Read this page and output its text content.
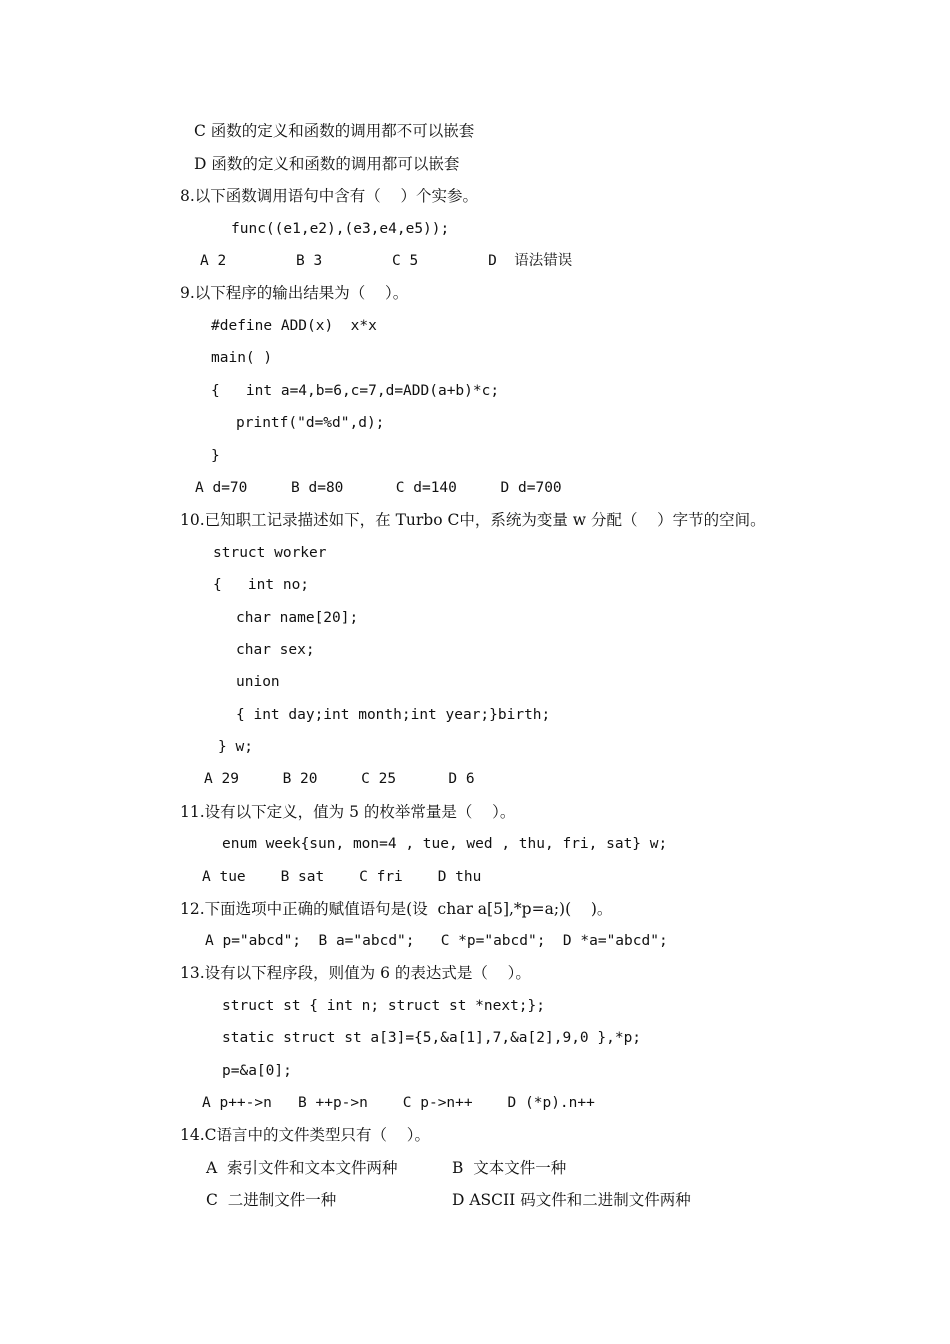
C 函数的定义和函数的调用都不可以嵌套
D 函数的定义和函数的调用都可以嵌套
8.以下函数调用语句中含有（    ）个实参。
func((e1,e2),(e3,e4,e5));
A 2        B 3        C 5        D  语法错误
9.以下程序的输出结果为（    ）。
#define ADD(x)  x*x
main( )
{   int a=4,b=6,c=7,d=ADD(a+b)*c;
printf("d=%d",d);
}
A d=70     B d=80      C d=140     D d=700
10.已知职工记录描述如下，在 Turbo C中，系统为变量 w 分配（    ）字节的空间。
struct worker
{   int no;
char name[20];
char sex;
union
{ int day;int month;int year;}birth;
} w;
A 29     B 20     C 25      D 6
11.设有以下定义，值为 5 的枚举常量是（    ）。
enum week{sun, mon=4 , tue, wed , thu, fri, sat} w;
A tue    B sat    C fri    D thu
12.下面选项中正确的赋值语句是(设  char a[5],*p=a;)(    )。
A p="abcd";  B a="abcd";   C *p="abcd";  D *a="abcd";
13.设有以下程序段，则值为 6 的表达式是（    ）。
struct st { int n; struct st *next;};
static struct st a[3]={5,&a[1],7,&a[2],9,0 },*p;
p=&a[0];
A p++->n   B ++p->n    C p->n++    D (*p).n++
14.C语言中的文件类型只有（    ）。
A  索引文件和文本文件两种	B  文本文件一种
C  二进制文件一种	D ASCII 码文件和二进制文件两种
